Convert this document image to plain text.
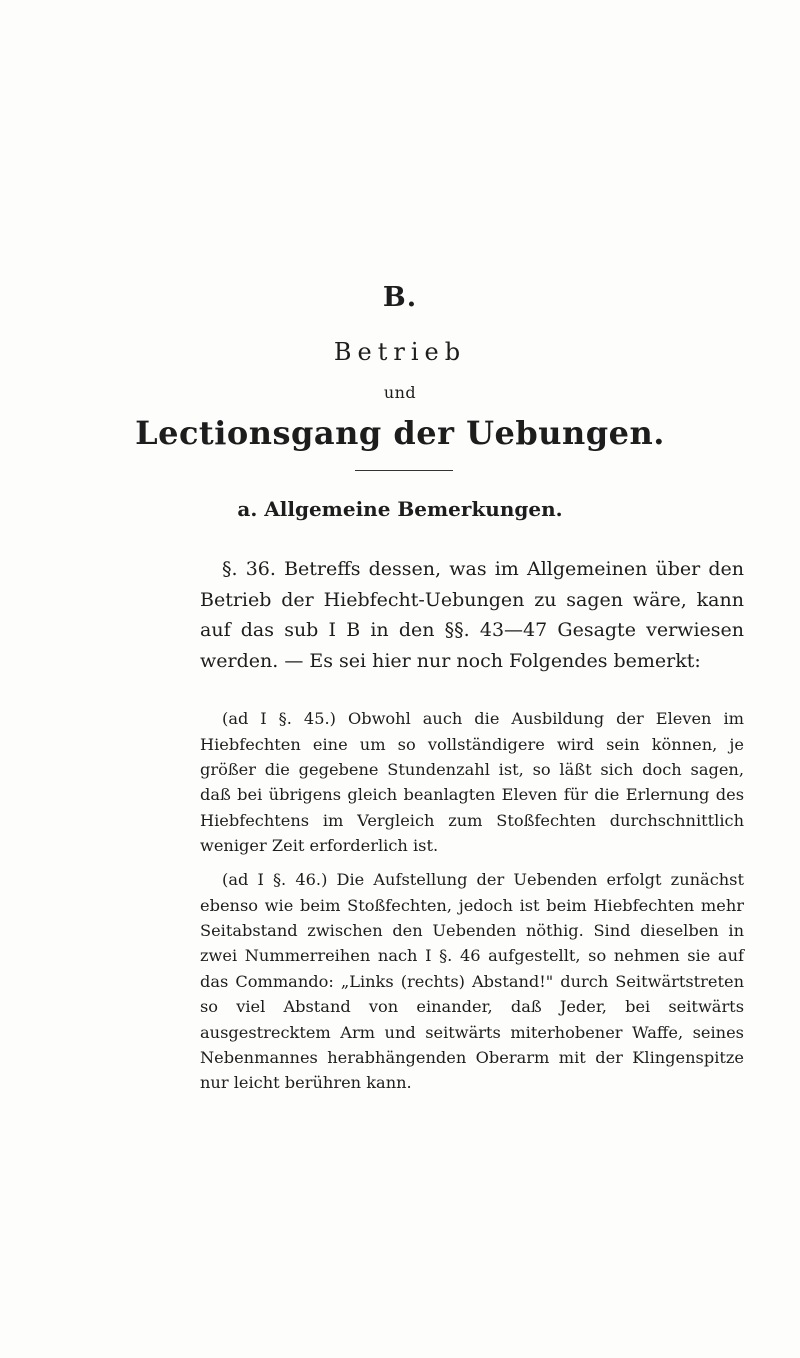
B.
Betrieb
und
Lectionsgang der Uebungen.
a. Allgemeine Bemerkungen.

§. 36. Betreffs dessen, was im Allgemeinen über den Betrieb der Hiebfecht-Uebungen zu sagen wäre, kann auf das sub I B in den §§. 43—47 Gesagte verwiesen werden. — Es sei hier nur noch Folgendes bemerkt:

(ad I §. 45.) Obwohl auch die Ausbildung der Eleven im Hiebfechten eine um so vollständigere wird sein können, je größer die gegebene Stundenzahl ist, so läßt sich doch sagen, daß bei übrigens gleich beanlagten Eleven für die Erlernung des Hiebfechtens im Vergleich zum Stoßfechten durchschnittlich weniger Zeit erforderlich ist.

(ad I §. 46.) Die Aufstellung der Uebenden erfolgt zunächst ebenso wie beim Stoßfechten, jedoch ist beim Hiebfechten mehr Seitabstand zwischen den Uebenden nöthig. Sind dieselben in zwei Nummerreihen nach I §. 46 aufgestellt, so nehmen sie auf das Commando: „Links (rechts) Abstand!" durch Seitwärtstreten so viel Abstand von einander, daß Jeder, bei seitwärts ausgestrecktem Arm und seitwärts miterhobener Waffe, seines Nebenmannes herabhängenden Oberarm mit der Klingenspitze nur leicht berühren kann.
